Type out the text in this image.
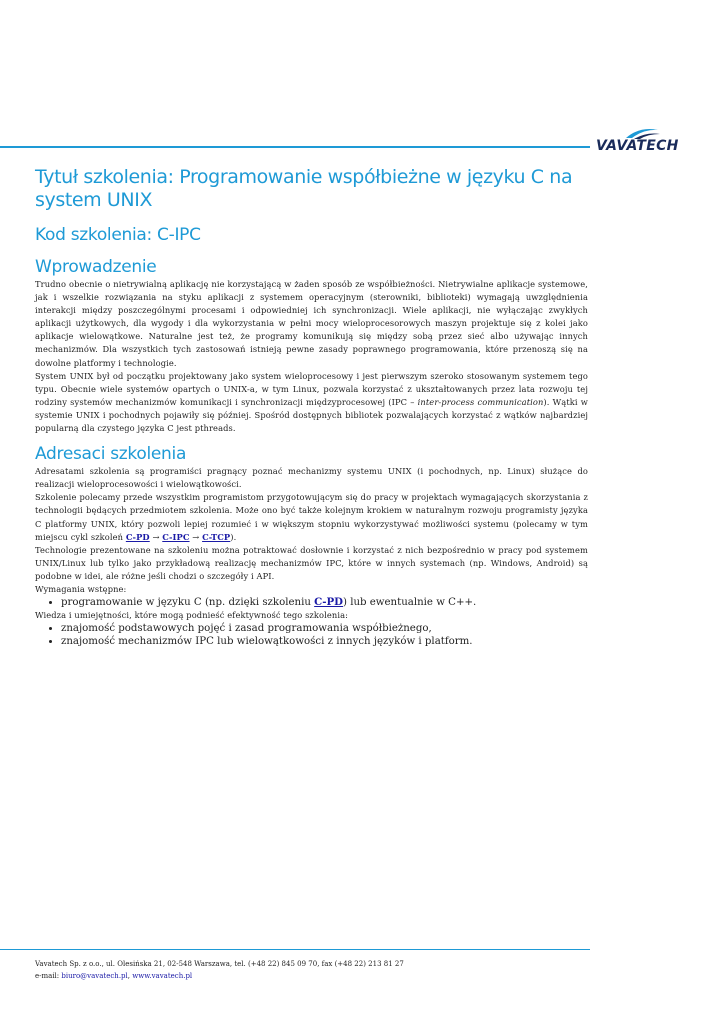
VAVATECH
Tytuł szkolenia: Programowanie współbieżne w języku C na system UNIX
Kod szkolenia: C-IPC
Wprowadzenie

Trudno obecnie o nietrywialną aplikację nie korzystającą w żaden sposób ze współbieżności. Nietrywialne aplikacje systemowe, jak i wszelkie rozwiązania na styku aplikacji z systemem operacyjnym (sterowniki, biblioteki) wymagają uwzględnienia interakcji między poszczególnymi procesami i odpowiedniej ich synchronizacji. Wiele aplikacji, nie wyłączając zwykłych aplikacji użytkowych, dla wygody i dla wykorzystania w pełni mocy wieloprocesorowych maszyn projektuje się z kolei jako aplikacje wielowątkowe. Naturalne jest też, że programy komunikują się między sobą przez sieć albo używając innych mechanizmów. Dla wszystkich tych zastosowań istnieją pewne zasady poprawnego programowania, które przenoszą się na dowolne platformy i technologie.

System UNIX był od początku projektowany jako system wieloprocesowy i jest pierwszym szeroko stosowanym systemem tego typu. Obecnie wiele systemów opartych o UNIX-a, w tym Linux, pozwala korzystać z ukształtowanych przez lata rozwoju tej rodziny systemów mechanizmów komunikacji i synchronizacji międzyprocesowej (IPC – inter-process communication). Wątki w systemie UNIX i pochodnych pojawiły się później. Spośród dostępnych bibliotek pozwalających korzystać z wątków najbardziej popularną dla czystego języka C jest pthreads.

Adresaci szkolenia

Adresatami szkolenia są programiści pragnący poznać mechanizmy systemu UNIX (i pochodnych, np. Linux) służące do realizacji wieloprocesowości i wielowątkowości.

Szkolenie polecamy przede wszystkim programistom przygotowującym się do pracy w projektach wymagających skorzystania z technologii będących przedmiotem szkolenia. Może ono być także kolejnym krokiem w naturalnym rozwoju programisty języka C platformy UNIX, który pozwoli lepiej rozumieć i w większym stopniu wykorzystywać możliwości systemu (polecamy w tym miejscu cykl szkoleń C-PD → C-IPC → C-TCP).

Technologie prezentowane na szkoleniu można potraktować dosłownie i korzystać z nich bezpośrednio w pracy pod systemem UNIX/Linux lub tylko jako przykładową realizację mechanizmów IPC, które w innych systemach (np. Windows, Android) są podobne w idei, ale różne jeśli chodzi o szczegóły i API.

Wymagania wstępne:

• programowanie w języku C (np. dzięki szkoleniu C-PD) lub ewentualnie w C++.

Wiedza i umiejętności, które mogą podnieść efektywność tego szkolenia:

• znajomość podstawowych pojęć i zasad programowania współbieżnego,
• znajomość mechanizmów IPC lub wielowątkowości z innych języków i platform.
Vavatech Sp. z o.o., ul. Olesińska 21, 02-548 Warszawa, tel. (+48 22) 845 09 70, fax (+48 22) 213 81 27
e-mail: biuro@vavatech.pl, www.vavatech.pl
